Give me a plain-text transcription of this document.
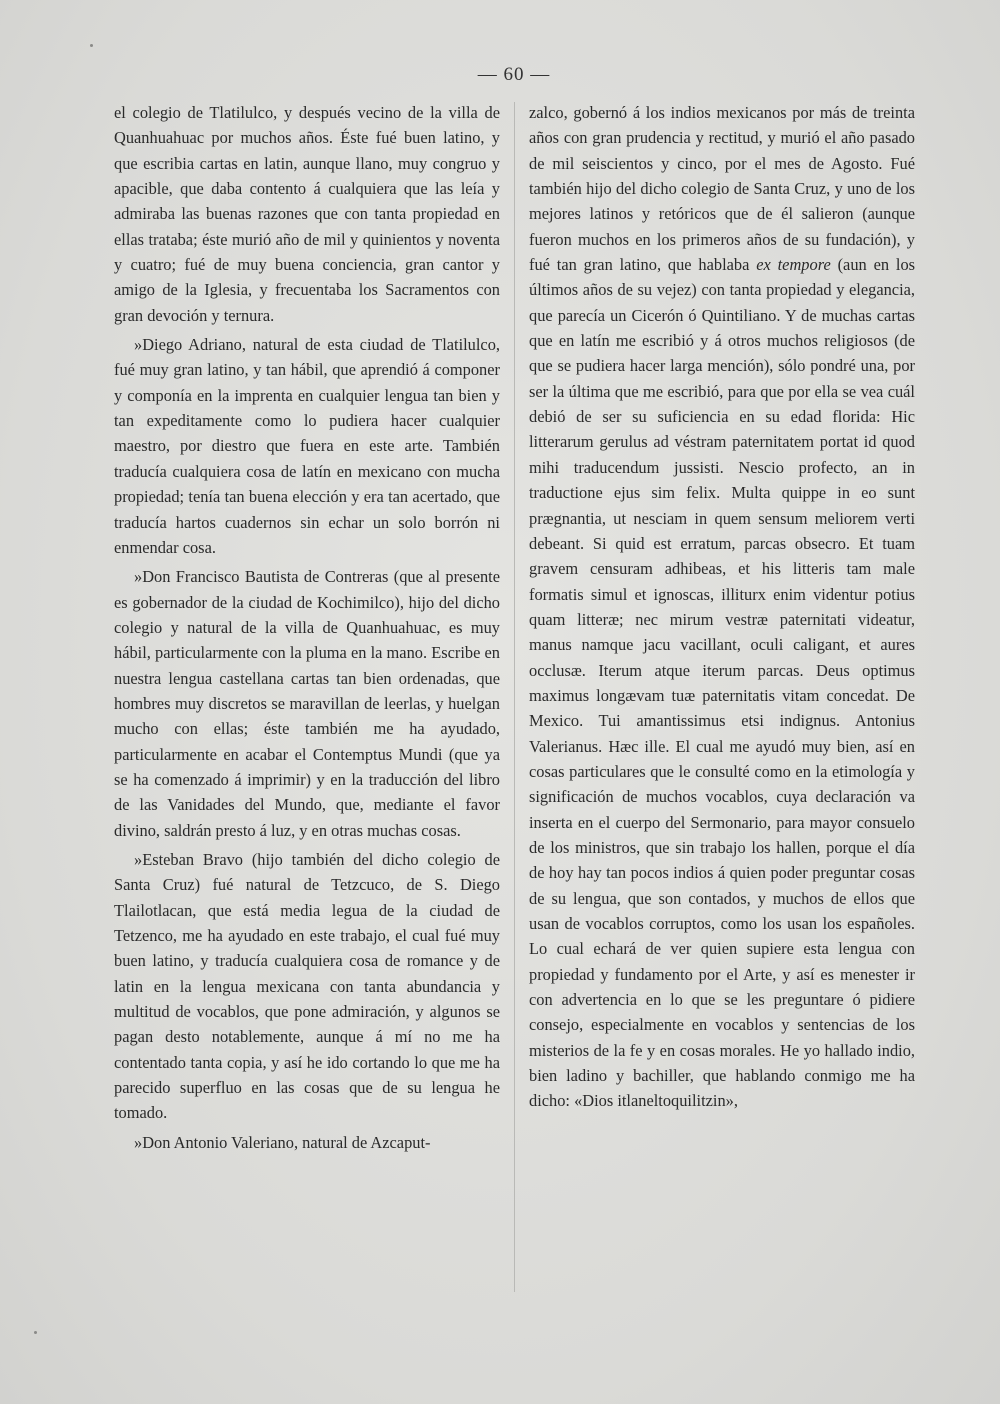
— 60 —

el colegio de Tlatilulco, y después vecino de la villa de Quanhuahuac por muchos años. Éste fué buen latino, y que escribia cartas en latin, aunque llano, muy congruo y apacible, que daba contento á cualquiera que las leía y admiraba las buenas razones que con tanta propiedad en ellas trataba; éste murió año de mil y quinientos y noventa y cuatro; fué de muy buena conciencia, gran cantor y amigo de la Iglesia, y frecuentaba los Sacramentos con gran devoción y ternura.

»Diego Adriano, natural de esta ciudad de Tlatilulco, fué muy gran latino, y tan hábil, que aprendió á componer y componía en la imprenta en cualquier lengua tan bien y tan expeditamente como lo pudiera hacer cualquier maestro, por diestro que fuera en este arte. También traducía cualquiera cosa de latín en mexicano con mucha propiedad; tenía tan buena elección y era tan acertado, que traducía hartos cuadernos sin echar un solo borrón ni enmendar cosa.

»Don Francisco Bautista de Contreras (que al presente es gobernador de la ciudad de Kochimilco), hijo del dicho colegio y natural de la villa de Quanhuahuac, es muy hábil, particularmente con la pluma en la mano. Escribe en nuestra lengua castellana cartas tan bien ordenadas, que hombres muy discretos se maravillan de leerlas, y huelgan mucho con ellas; éste también me ha ayudado, particularmente en acabar el Contemptus Mundi (que ya se ha comenzado á imprimir) y en la traducción del libro de las Vanidades del Mundo, que, mediante el favor divino, saldrán presto á luz, y en otras muchas cosas.

»Esteban Bravo (hijo también del dicho colegio de Santa Cruz) fué natural de Tetzcuco, de S. Diego Tlailotlacan, que está media legua de la ciudad de Tetzenco, me ha ayudado en este trabajo, el cual fué muy buen latino, y traducía cualquiera cosa de romance y de latin en la lengua mexicana con tanta abundancia y multitud de vocablos, que pone admiración, y algunos se pagan desto notablemente, aunque á mí no me ha contentado tanta copia, y así he ido cortando lo que me ha parecido superfluo en las cosas que de su lengua he tomado.

»Don Antonio Valeriano, natural de Azcaput-

zalco, gobernó á los indios mexicanos por más de treinta años con gran prudencia y rectitud, y murió el año pasado de mil seiscientos y cinco, por el mes de Agosto. Fué también hijo del dicho colegio de Santa Cruz, y uno de los mejores latinos y retóricos que de él salieron (aunque fueron muchos en los primeros años de su fundación), y fué tan gran latino, que hablaba ex tempore (aun en los últimos años de su vejez) con tanta propiedad y elegancia, que parecía un Cicerón ó Quintiliano. Y de muchas cartas que en latín me escribió y á otros muchos religiosos (de que se pudiera hacer larga mención), sólo pondré una, por ser la última que me escribió, para que por ella se vea cuál debió de ser su suficiencia en su edad florida: Hic litterarum gerulus ad véstram paternitatem portat id quod mihi traducendum jussisti. Nescio profecto, an in traductione ejus sim felix. Multa quippe in eo sunt prægnantia, ut nesciam in quem sensum meliorem verti debeant. Si quid est erratum, parcas obsecro. Et tuam gravem censuram adhibeas, et his litteris tam male formatis simul et ignoscas, illiturx enim videntur potius quam litteræ; nec mirum vestræ paternitati videatur, manus namque jacu vacillant, oculi caligant, et aures occlusæ. Iterum atque iterum parcas. Deus optimus maximus longævam tuæ paternitatis vitam concedat. De Mexico. Tui amantissimus etsi indignus. Antonius Valerianus. Hæc ille. El cual me ayudó muy bien, así en cosas particulares que le consulté como en la etimología y significación de muchos vocablos, cuya declaración va inserta en el cuerpo del Sermonario, para mayor consuelo de los ministros, que sin trabajo los hallen, porque el día de hoy hay tan pocos indios á quien poder preguntar cosas de su lengua, que son contados, y muchos de ellos que usan de vocablos corruptos, como los usan los españoles. Lo cual echará de ver quien supiere esta lengua con propiedad y fundamento por el Arte, y así es menester ir con advertencia en lo que se les preguntare ó pidiere consejo, especialmente en vocablos y sentencias de los misterios de la fe y en cosas morales. He yo hallado indio, bien ladino y bachiller, que hablando conmigo me ha dicho: «Dios itlaneltoquilitzin»,
